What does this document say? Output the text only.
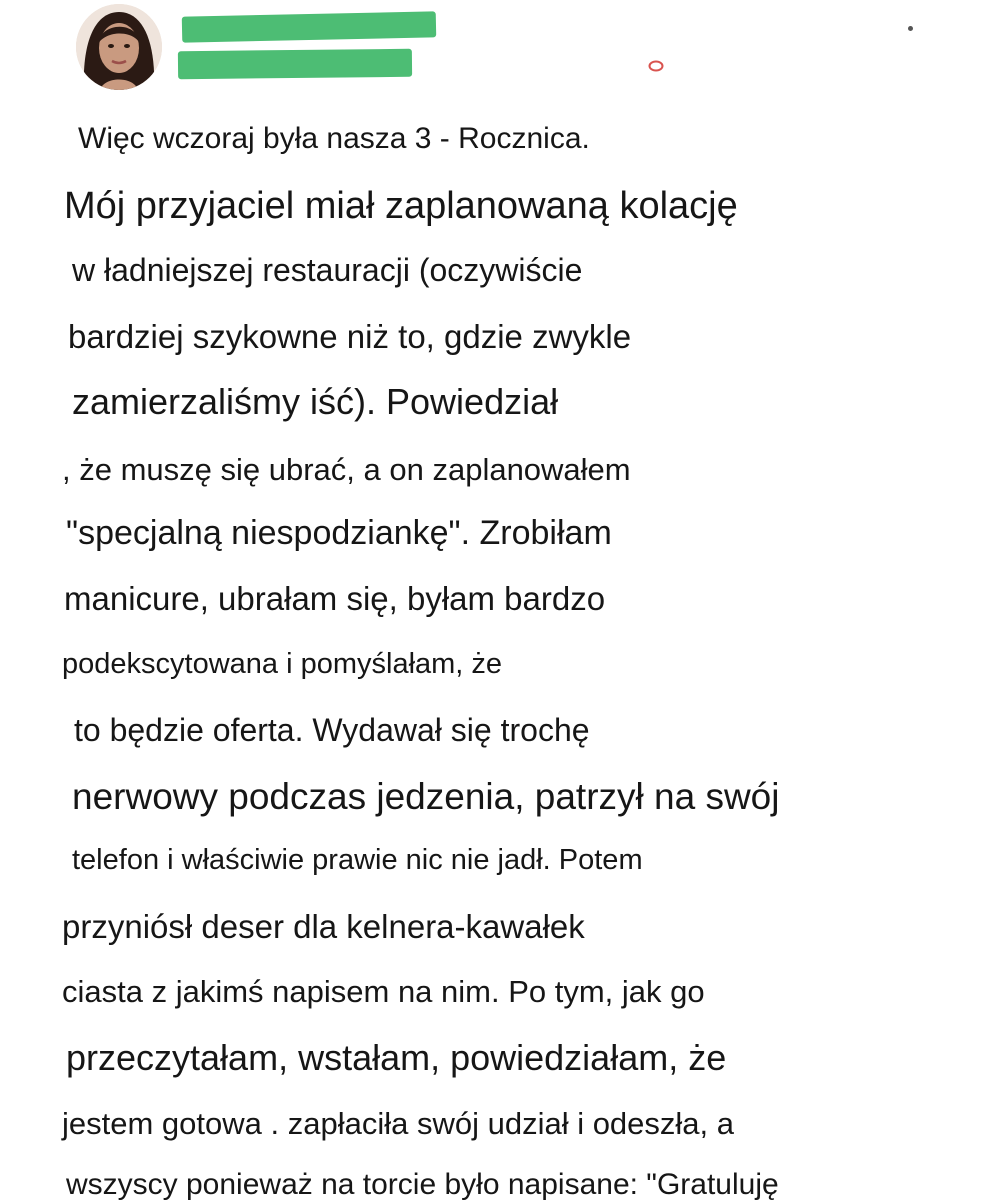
Więc wczoraj była nasza 3 - Rocznica.
Mój przyjaciel miał zaplanowaną kolację
w ładniejszej restauracji (oczywiście
bardziej szykowne niż to, gdzie zwykle
zamierzaliśmy iść). Powiedział
, że muszę się ubrać, a on zaplanowałem
"specjalną niespodziankę". Zrobiłam
manicure, ubrałam się, byłam bardzo
podekscytowana i pomyślałam, że
to będzie oferta. Wydawał się trochę
nerwowy podczas jedzenia, patrzył na swój
telefon i właściwie prawie nic nie jadł. Potem
przyniósł deser dla kelnera-kawałek
ciasta z jakimś napisem na nim. Po tym, jak go
przeczytałam, wstałam, powiedziałam, że
jestem gotowa . zapłaciła swój udział i odeszła, a
wszyscy ponieważ na torcie było napisane: "Gratuluję
